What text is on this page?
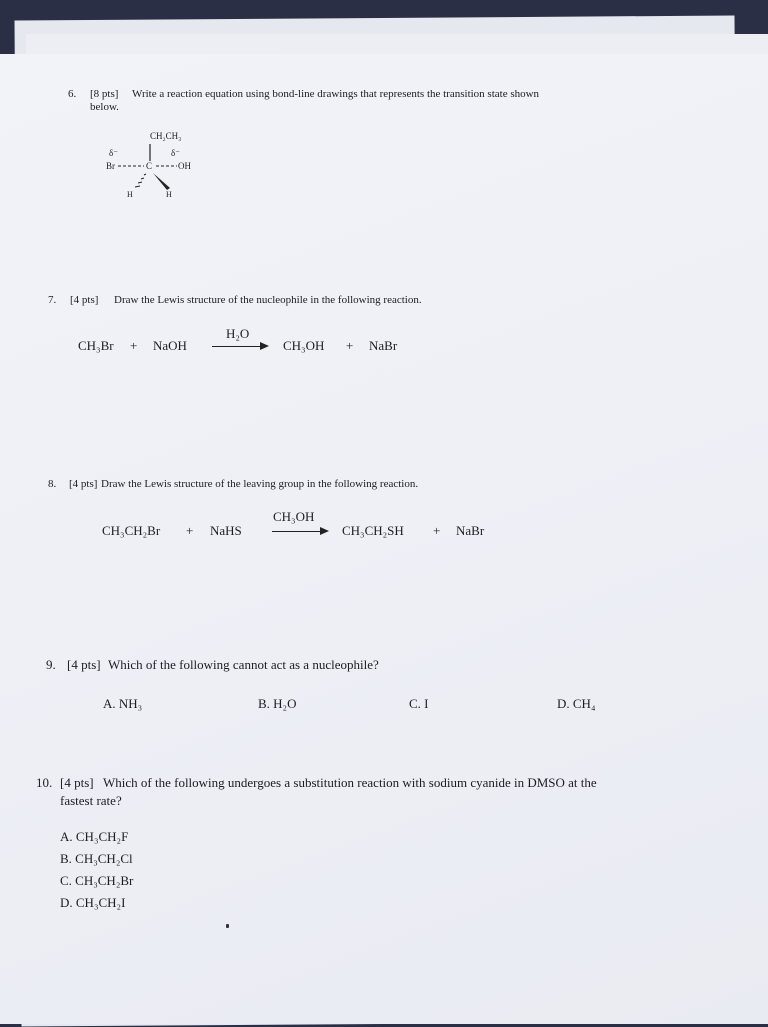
6. [8 pts] Write a reaction equation using bond-line drawings that represents the transition state shown
below.
CH₂CH₃
δ⁻	δ⁻
Br	C	OH
H	H
7. [4 pts] Draw the Lewis structure of the nucleophile in the following reaction.
CH₃Br + NaOH
H₂O
CH₃OH + NaBr
8. [4 pts] Draw the Lewis structure of the leaving group in the following reaction.
CH₃CH₂Br + NaHS
CH₃OH
CH₃CH₂SH + NaBr
9. [4 pts] Which of the following cannot act as a nucleophile?
A. NH₃	B. H₂O	C. I	D. CH₄
10. [4 pts] Which of the following undergoes a substitution reaction with sodium cyanide in DMSO at the
fastest rate?
A. CH₃CH₂F
B. CH₃CH₂Cl
C. CH₃CH₂Br
D. CH₃CH₂I
